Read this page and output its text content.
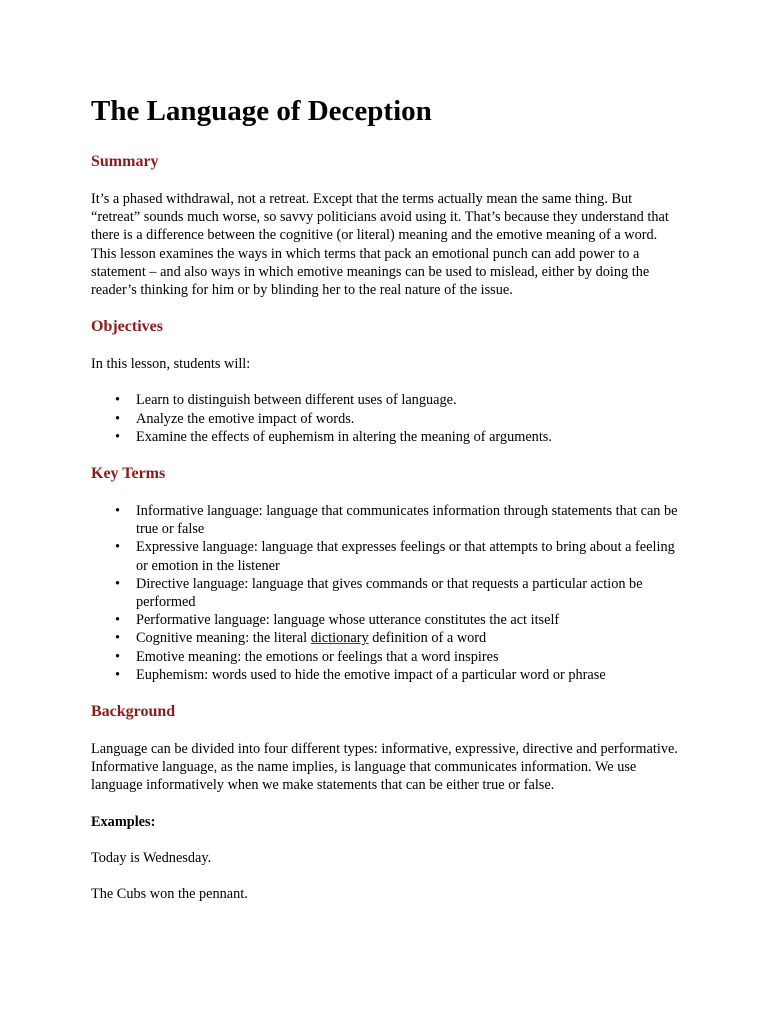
The Language of Deception
Summary

It’s a phased withdrawal, not a retreat. Except that the terms actually mean the same thing. But “retreat” sounds much worse, so savvy politicians avoid using it. That’s because they understand that there is a difference between the cognitive (or literal) meaning and the emotive meaning of a word. This lesson examines the ways in which terms that pack an emotional punch can add power to a statement – and also ways in which emotive meanings can be used to mislead, either by doing the reader’s thinking for him or by blinding her to the real nature of the issue.

Objectives

In this lesson, students will:

• Learn to distinguish between different uses of language.
• Analyze the emotive impact of words.
• Examine the effects of euphemism in altering the meaning of arguments.
Key Terms
• Informative language: language that communicates information through statements that can be true or false
• Expressive language: language that expresses feelings or that attempts to bring about a feeling or emotion in the listener
• Directive language: language that gives commands or that requests a particular action be performed
• Performative language: language whose utterance constitutes the act itself
• Cognitive meaning: the literal dictionary definition of a word
• Emotive meaning: the emotions or feelings that a word inspires
• Euphemism: words used to hide the emotive impact of a particular word or phrase
Background

Language can be divided into four different types: informative, expressive, directive and performative. Informative language, as the name implies, is language that communicates information. We use language informatively when we make statements that can be either true or false.

Examples:

Today is Wednesday.

The Cubs won the pennant.
